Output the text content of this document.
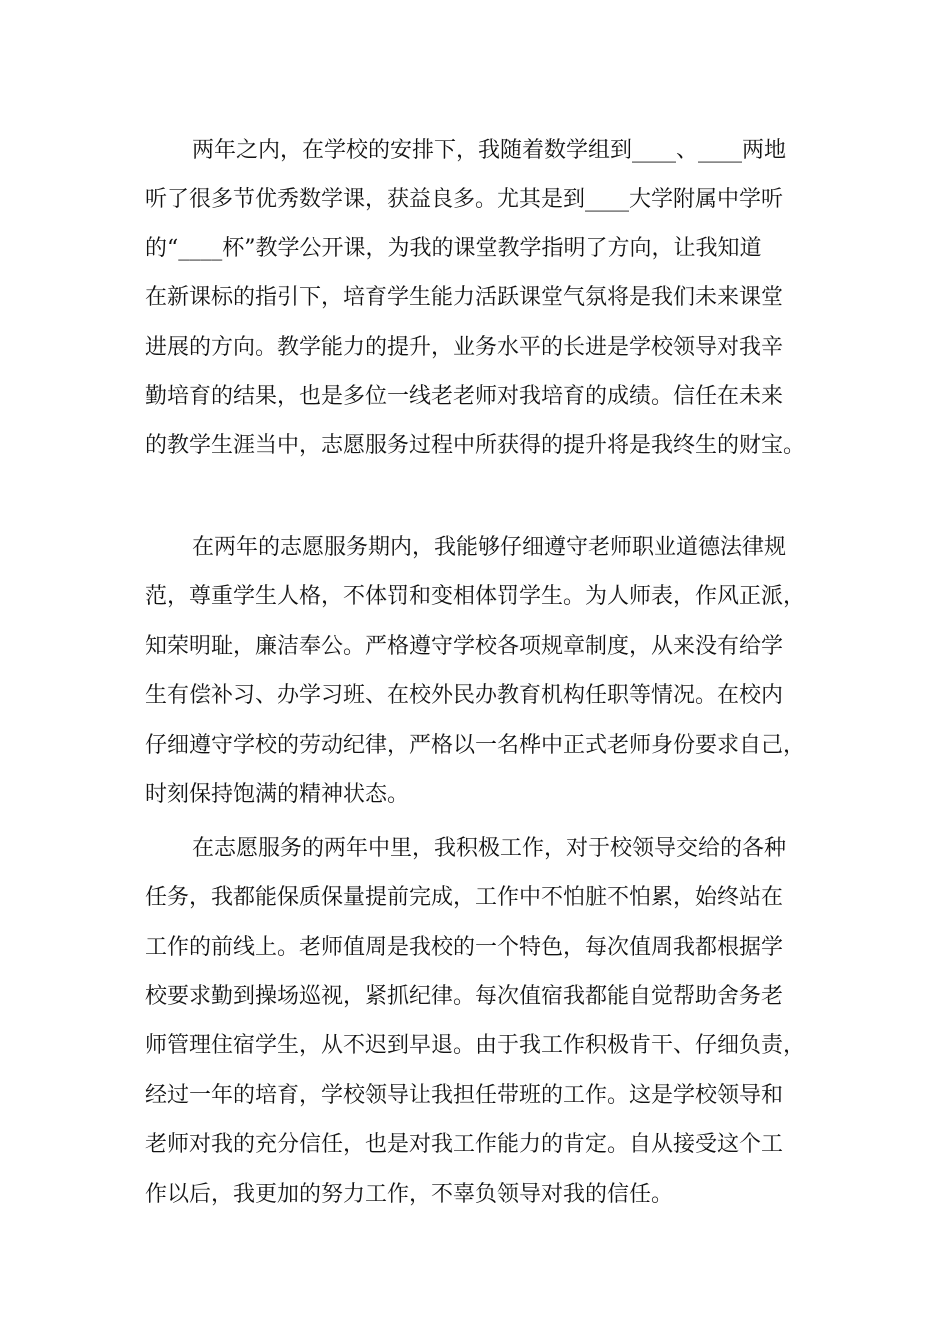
两年之内，在学校的安排下，我随着数学组到____、____两地

听了很多节优秀数学课，获益良多。尤其是到____大学附属中学听

的“____杯”教学公开课，为我的课堂教学指明了方向，让我知道

在新课标的指引下，培育学生能力活跃课堂气氛将是我们未来课堂

进展的方向。教学能力的提升，业务水平的长进是学校领导对我辛

勤培育的结果，也是多位一线老老师对我培育的成绩。信任在未来

的教学生涯当中，志愿服务过程中所获得的提升将是我终生的财宝。

在两年的志愿服务期内，我能够仔细遵守老师职业道德法律规

范，尊重学生人格，不体罚和变相体罚学生。为人师表，作风正派，

知荣明耻，廉洁奉公。严格遵守学校各项规章制度，从来没有给学

生有偿补习、办学习班、在校外民办教育机构任职等情况。在校内

仔细遵守学校的劳动纪律，严格以一名桦中正式老师身份要求自己，

时刻保持饱满的精神状态。

在志愿服务的两年中里，我积极工作，对于校领导交给的各种

任务，我都能保质保量提前完成，工作中不怕脏不怕累，始终站在

工作的前线上。老师值周是我校的一个特色，每次值周我都根据学

校要求勤到操场巡视，紧抓纪律。每次值宿我都能自觉帮助舍务老

师管理住宿学生，从不迟到早退。由于我工作积极肯干、仔细负责，

经过一年的培育，学校领导让我担任带班的工作。这是学校领导和

老师对我的充分信任，也是对我工作能力的肯定。自从接受这个工

作以后，我更加的努力工作，不辜负领导对我的信任。
